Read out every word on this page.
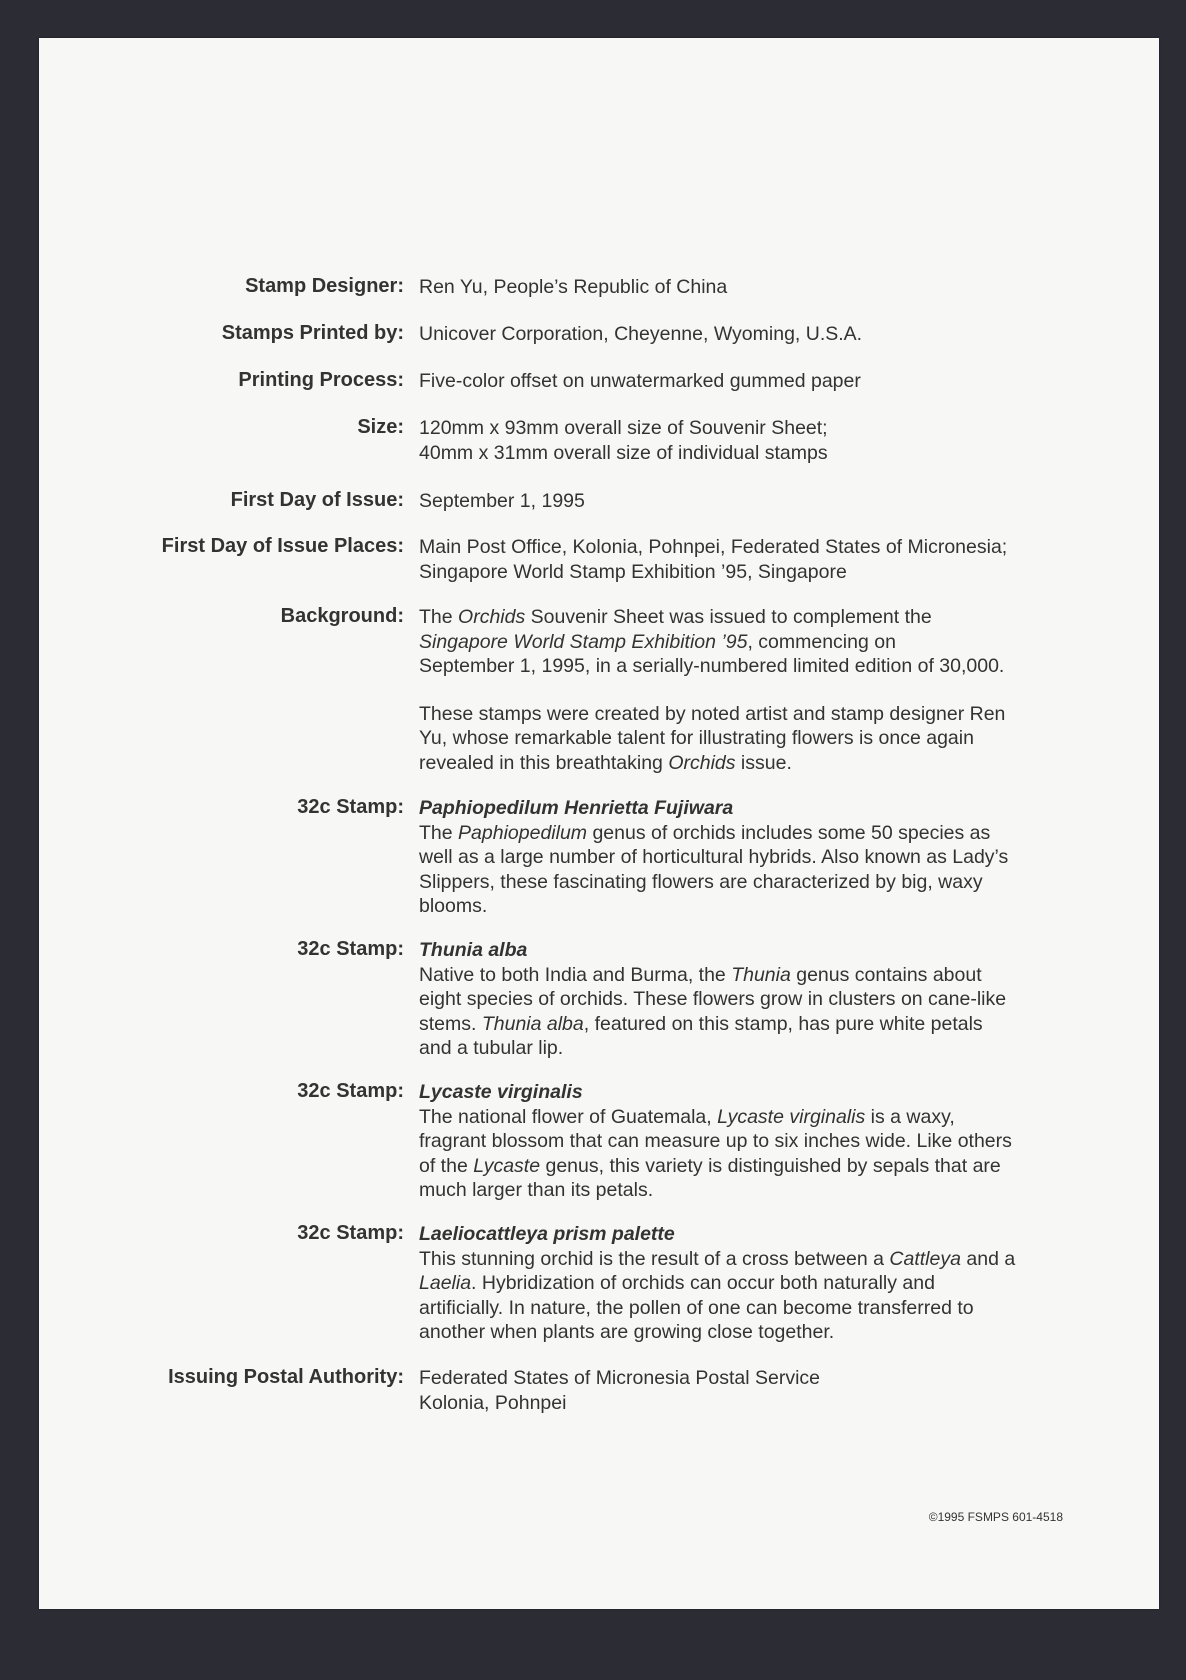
Stamp Designer: Ren Yu, People’s Republic of China
Stamps Printed by: Unicover Corporation, Cheyenne, Wyoming, U.S.A.
Printing Process: Five-color offset on unwatermarked gummed paper
Size: 120mm x 93mm overall size of Souvenir Sheet;
40mm x 31mm overall size of individual stamps
First Day of Issue: September 1, 1995
First Day of Issue Places: Main Post Office, Kolonia, Pohnpei, Federated States of Micronesia;
Singapore World Stamp Exhibition ’95, Singapore
Background: The Orchids Souvenir Sheet was issued to complement the
Singapore World Stamp Exhibition ’95, commencing on
September 1, 1995, in a serially-numbered limited edition of 30,000.

These stamps were created by noted artist and stamp designer Ren
Yu, whose remarkable talent for illustrating flowers is once again
revealed in this breathtaking Orchids issue.

32c Stamp: Paphiopedilum Henrietta Fujiwara
The Paphiopedilum genus of orchids includes some 50 species as
well as a large number of horticultural hybrids. Also known as Lady’s
Slippers, these fascinating flowers are characterized by big, waxy
blooms.
32c Stamp: Thunia alba
Native to both India and Burma, the Thunia genus contains about
eight species of orchids. These flowers grow in clusters on cane-like
stems. Thunia alba, featured on this stamp, has pure white petals
and a tubular lip.
32c Stamp: Lycaste virginalis
The national flower of Guatemala, Lycaste virginalis is a waxy,
fragrant blossom that can measure up to six inches wide. Like others
of the Lycaste genus, this variety is distinguished by sepals that are
much larger than its petals.
32c Stamp: Laeliocattleya prism palette
This stunning orchid is the result of a cross between a Cattleya and a
Laelia. Hybridization of orchids can occur both naturally and
artificially. In nature, the pollen of one can become transferred to
another when plants are growing close together.
Issuing Postal Authority: Federated States of Micronesia Postal Service
Kolonia, Pohnpei
©1995 FSMPS 601-4518
